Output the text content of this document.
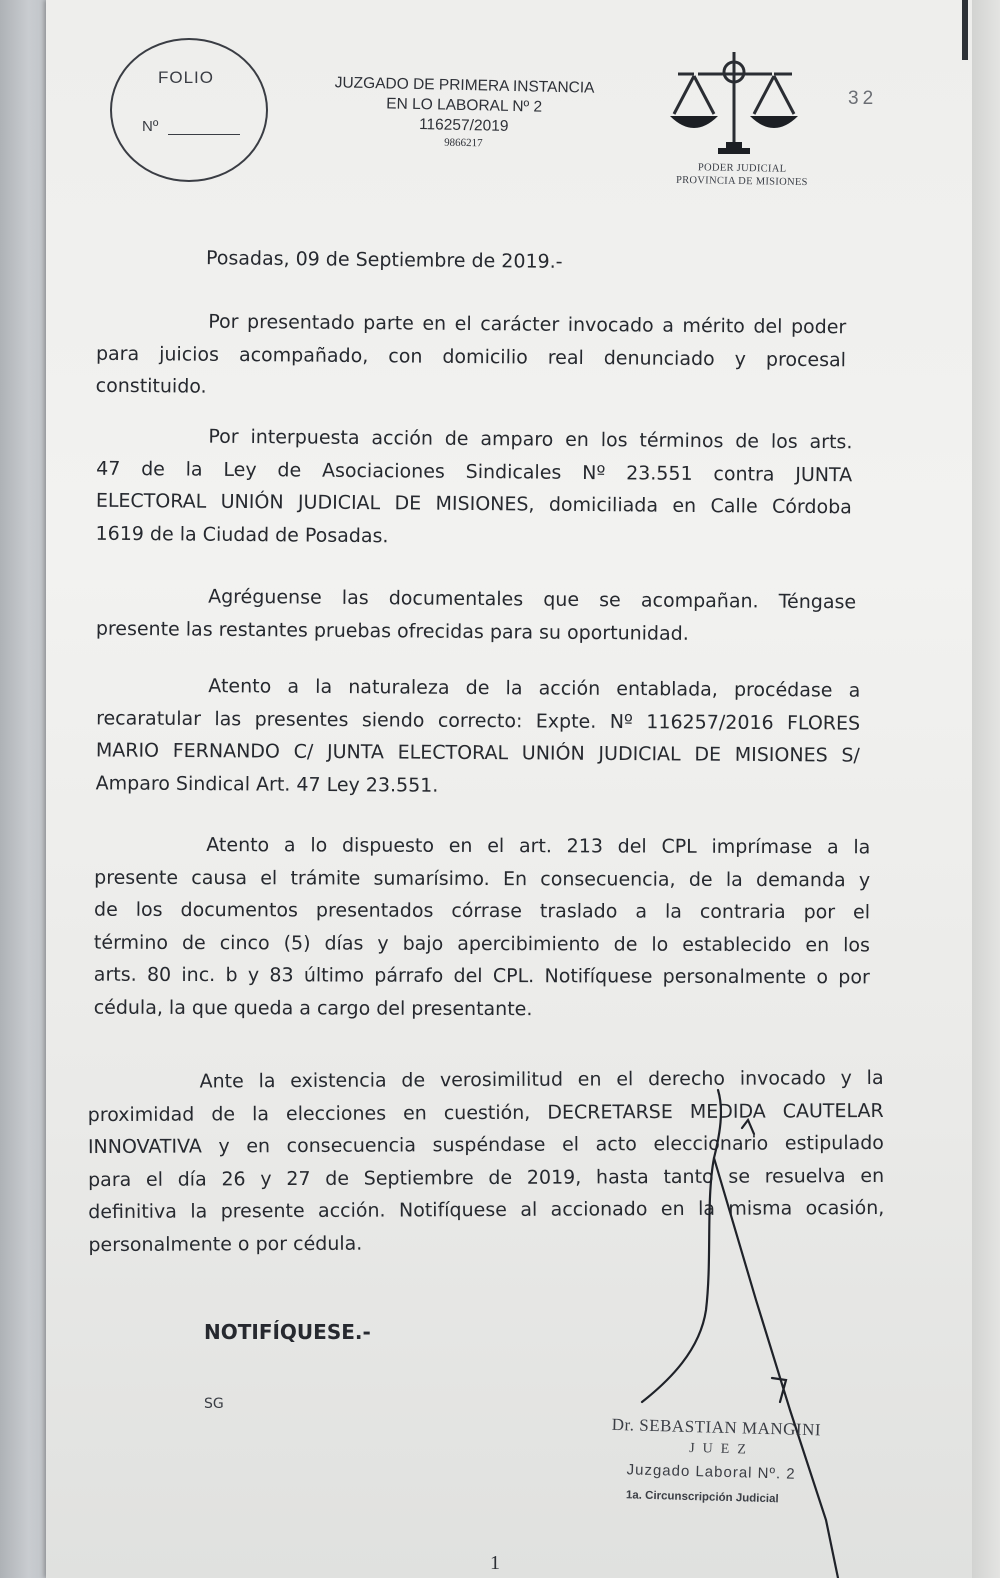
FOLIO
Nº
JUZGADO DE PRIMERA INSTANCIA
EN LO LABORAL Nº 2
116257/2019
9866217
PODER JUDICIAL
PROVINCIA DE MISIONES
32
Posadas, 09 de Septiembre de 2019.-
Por presentado parte en el carácter invocado a mérito del poder
para juicios acompañado, con domicilio real denunciado y procesal
constituido.
Por interpuesta acción de amparo en los términos de los arts.
47 de la Ley de Asociaciones Sindicales Nº 23.551 contra JUNTA
ELECTORAL UNIÓN JUDICIAL DE MISIONES, domiciliada en Calle Córdoba
1619 de la Ciudad de Posadas.
Agréguense las documentales que se acompañan. Téngase
presente las restantes pruebas ofrecidas para su oportunidad.
Atento a la naturaleza de la acción entablada, procédase a
recaratular las presentes siendo correcto: Expte. Nº 116257/2016 FLORES
MARIO FERNANDO C/ JUNTA ELECTORAL UNIÓN JUDICIAL DE MISIONES S/
Amparo Sindical Art. 47 Ley 23.551.
Atento a lo dispuesto en el art. 213 del CPL imprímase a la
presente causa el trámite sumarísimo. En consecuencia, de la demanda y
de los documentos presentados córrase traslado a la contraria por el
término de cinco (5) días y bajo apercibimiento de lo establecido en los
arts. 80 inc. b y 83 último párrafo del CPL. Notifíquese personalmente o por
cédula, la que queda a cargo del presentante.
Ante la existencia de verosimilitud en el derecho invocado y la
proximidad de la elecciones en cuestión, DECRETARSE MEDIDA CAUTELAR
INNOVATIVA y en consecuencia suspéndase el acto eleccionario estipulado
para el día 26 y 27 de Septiembre de 2019, hasta tanto se resuelva en
definitiva la presente acción. Notifíquese al accionado en la misma ocasión,
personalmente o por cédula.
NOTIFÍQUESE.-
SG
Dr. SEBASTIAN MANGINI
JUEZ
Juzgado Laboral Nº. 2
1a. Circunscripción Judicial
1
